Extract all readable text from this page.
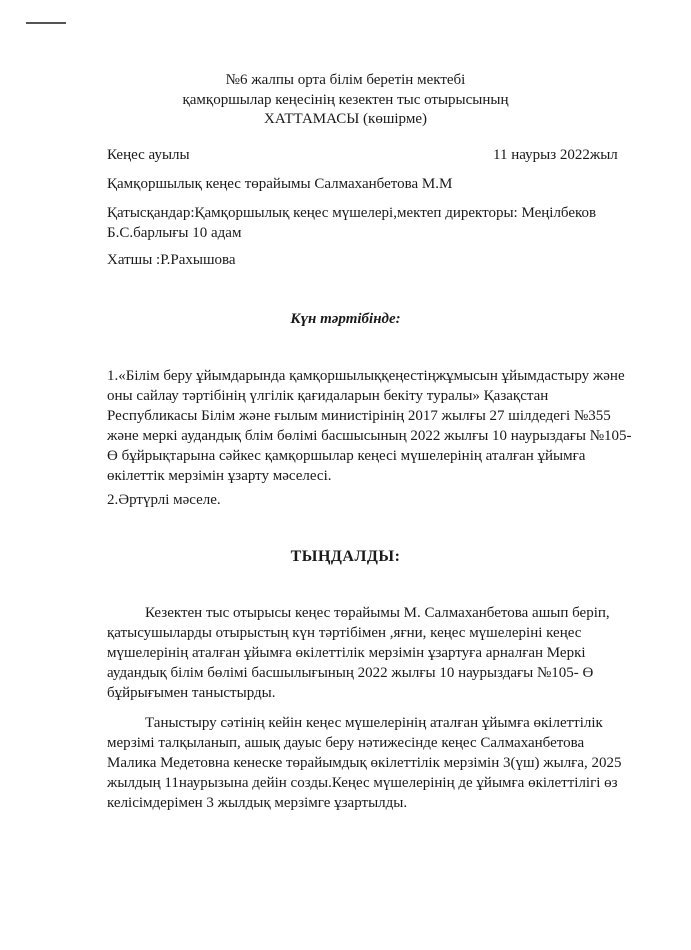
№6 жалпы орта білім беретін мектебі
қамқоршылар кеңесінің кезектен тыс отырысының
ХАТТАМАСЫ (көшірме)
Кеңес ауылы	11 наурыз 2022жыл
Қамқоршылық кеңес төрайымы Салмаханбетова М.М
Қатысқандар:Қамқоршылық кеңес мүшелері,мектеп директоры: Меңілбеков Б.С.барлығы 10 адам
Хатшы :Р.Рахышова
Күн тәртібінде:
1.«Білім беру ұйымдарында қамқоршылыққеңестіңжұмысын ұйымдастыру және оны сайлау тәртібінің үлгілік қағидаларын бекіту туралы» Қазақстан Республикасы Білім және ғылым министірінің 2017 жылғы 27 шілдедегі №355 және меркі аудандық блім бөлімі басшысының 2022 жылғы 10 наурыздағы №105-Ө бұйрықтарына сәйкес қамқоршылар кеңесі мүшелерінің аталған ұйымға өкілеттік мерзімін ұзарту мәселесі.
2.Әртүрлі мәселе.
ТЫҢДАЛДЫ:
Кезектен тыс отырысы кеңес төрайымы М. Салмаханбетова ашып беріп, қатысушыларды отырыстың күн тәртібімен ,яғни, кеңес мүшелеріні кеңес мүшелерінің аталған ұйымға өкілеттілік мерзімін ұзартуға арналған Меркі аудандық білім бөлімі басшылығының 2022 жылғы 10 наурыздағы №105- Ө бұйрығымен таныстырды.
Таныстыру сәтінің кейін кеңес мүшелерінің аталған ұйымға өкілеттілік мерзімі талқыланып, ашық дауыс беру нәтижесінде кеңес Салмаханбетова Малика Медетовна кенеске төрайымдық өкілеттілік мерзімін 3(үш) жылға, 2025 жылдың 11наурызына дейін созды.Кеңес мүшелерінің де ұйымға өкілеттілігі өз келісімдерімен 3 жылдық мерзімге ұзартылды.
